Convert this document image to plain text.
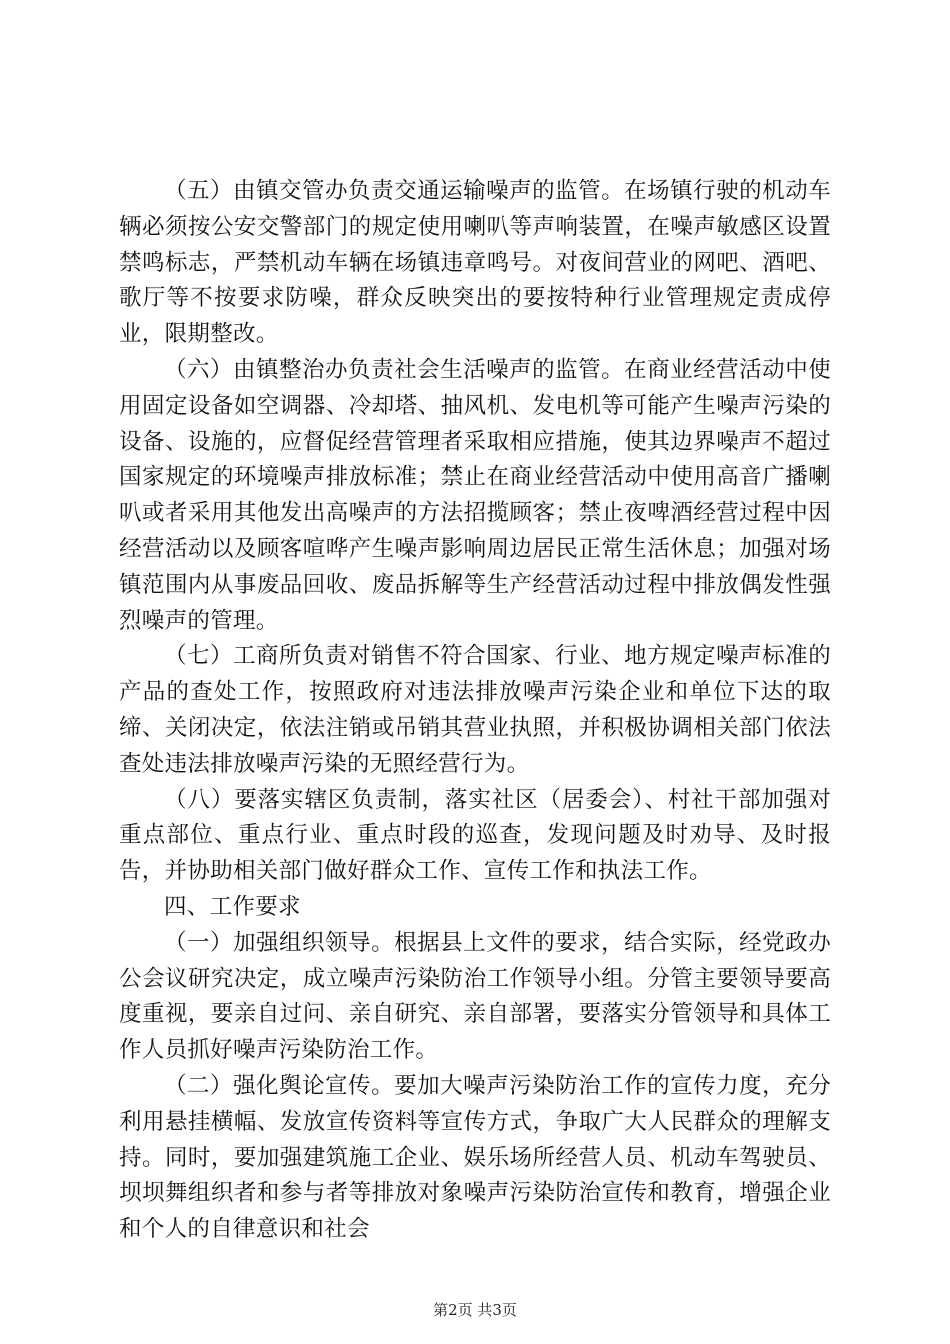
（五）由镇交管办负责交通运输噪声的监管。在场镇行驶的机动车辆必须按公安交警部门的规定使用喇叭等声响装置，在噪声敏感区设置禁鸣标志，严禁机动车辆在场镇违章鸣号。对夜间营业的网吧、酒吧、歌厅等不按要求防噪，群众反映突出的要按特种行业管理规定责成停业，限期整改。

（六）由镇整治办负责社会生活噪声的监管。在商业经营活动中使用固定设备如空调器、冷却塔、抽风机、发电机等可能产生噪声污染的设备、设施的，应督促经营管理者采取相应措施，使其边界噪声不超过国家规定的环境噪声排放标准；禁止在商业经营活动中使用高音广播喇叭或者采用其他发出高噪声的方法招揽顾客；禁止夜啤酒经营过程中因经营活动以及顾客喧哗产生噪声影响周边居民正常生活休息；加强对场镇范围内从事废品回收、废品拆解等生产经营活动过程中排放偶发性强烈噪声的管理。

（七）工商所负责对销售不符合国家、行业、地方规定噪声标准的产品的查处工作，按照政府对违法排放噪声污染企业和单位下达的取缔、关闭决定，依法注销或吊销其营业执照，并积极协调相关部门依法查处违法排放噪声污染的无照经营行为。

（八）要落实辖区负责制，落实社区（居委会）、村社干部加强对重点部位、重点行业、重点时段的巡查，发现问题及时劝导、及时报告，并协助相关部门做好群众工作、宣传工作和执法工作。

四、工作要求

（一）加强组织领导。根据县上文件的要求，结合实际，经党政办公会议研究决定，成立噪声污染防治工作领导小组。分管主要领导要高度重视，要亲自过问、亲自研究、亲自部署，要落实分管领导和具体工作人员抓好噪声污染防治工作。

（二）强化舆论宣传。要加大噪声污染防治工作的宣传力度，充分利用悬挂横幅、发放宣传资料等宣传方式，争取广大人民群众的理解支持。同时，要加强建筑施工企业、娱乐场所经营人员、机动车驾驶员、坝坝舞组织者和参与者等排放对象噪声污染防治宣传和教育，增强企业和个人的自律意识和社会

第2页 共3页
